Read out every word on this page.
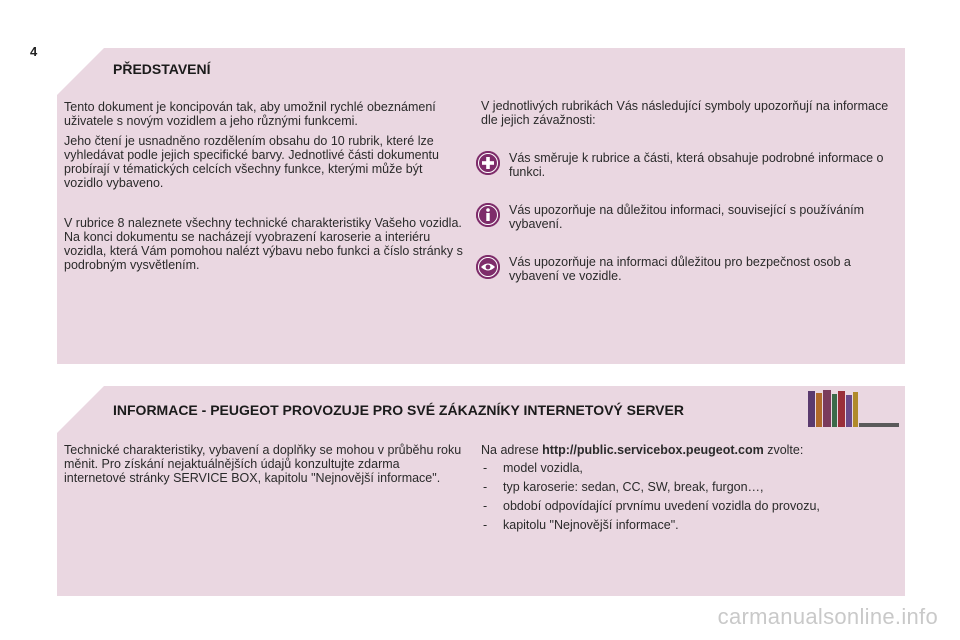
4
PŘEDSTAVENÍ

Tento dokument je koncipován tak, aby umožnil rychlé obeznámení uživatele s novým vozidlem a jeho různými funkcemi.

Jeho čtení je usnadněno rozdělením obsahu do 10 rubrik, které lze vyhledávat podle jejich specifické barvy. Jednotlivé části dokumentu probírají v tématických celcích všechny funkce, kterými může být vozidlo vybaveno.

V rubrice 8 naleznete všechny technické charakteristiky Vašeho vozidla. Na konci dokumentu se nacházejí vyobrazení karoserie a interiéru vozidla, která Vám pomohou nalézt výbavu nebo funkci a číslo stránky s podrobným vysvětlením.

V jednotlivých rubrikách Vás následující symboly upozorňují na informace dle jejich závažnosti:
Vás směruje k rubrice a části, která obsahuje podrobné informace o funkci.
Vás upozorňuje na důležitou informaci, související s používáním vybavení.
Vás upozorňuje na informaci důležitou pro bezpečnost osob a vybavení ve vozidle.
INFORMACE - PEUGEOT PROVOZUJE PRO SVÉ ZÁKAZNÍKY INTERNETOVÝ SERVER
Technické charakteristiky, vybavení a doplňky se mohou v průběhu roku měnit. Pro získání nejaktuálnějších údajů konzultujte zdarma internetové stránky SERVICE BOX, kapitolu "Nejnovější informace".
Na adrese http://public.servicebox.peugeot.com zvolte:
- model vozidla,
- typ karoserie: sedan, CC, SW, break, furgon…,
- období odpovídající prvnímu uvedení vozidla do provozu,
- kapitolu "Nejnovější informace".
carmanualsonline.info
